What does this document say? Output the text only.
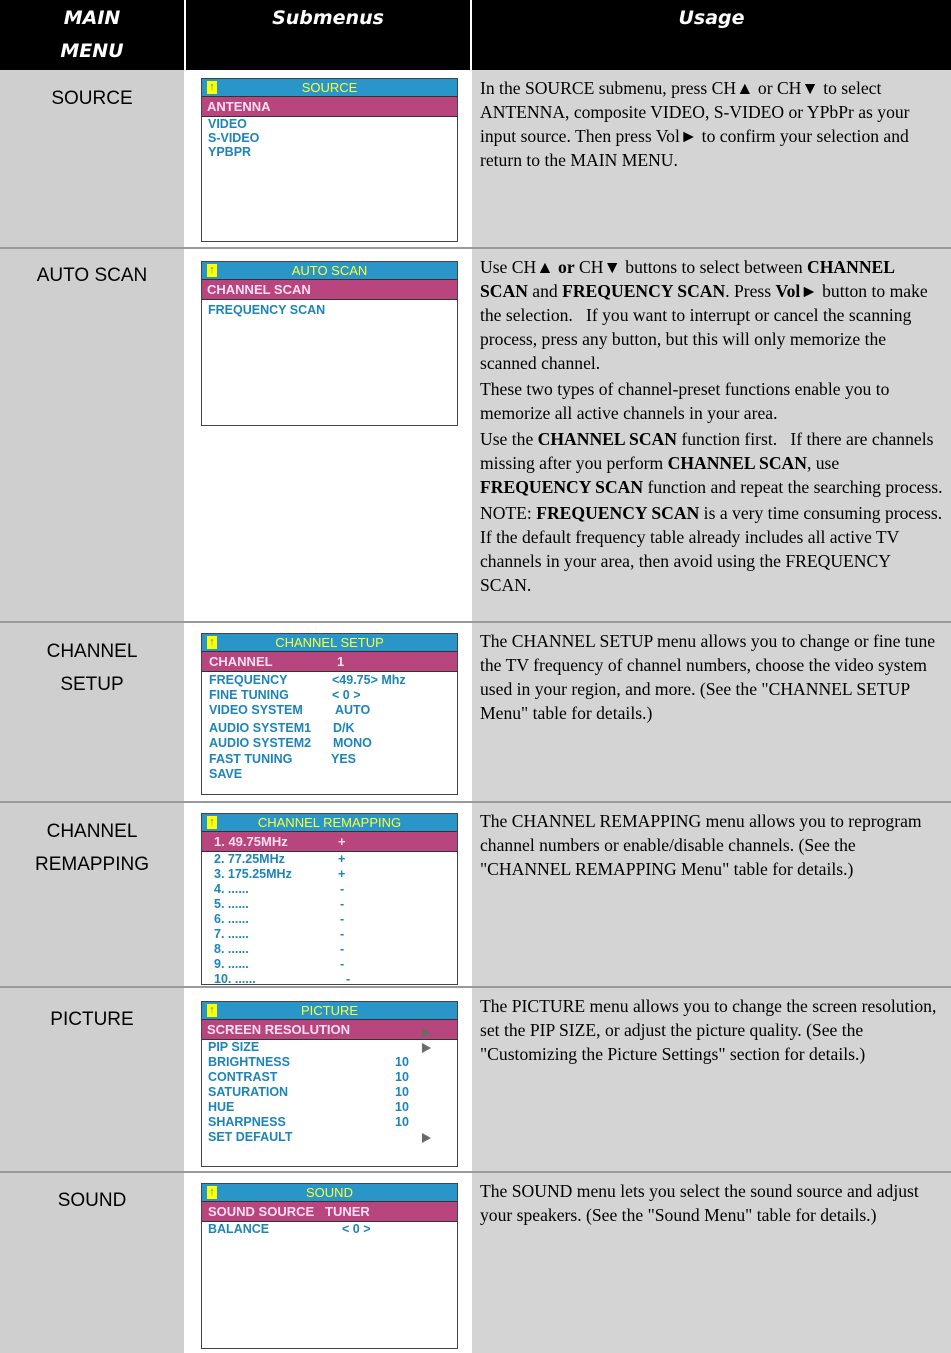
MAIN
MENU
Submenus	Usage
SOURCE
↑	SOURCE
ANTENNA
VIDEO
S-VIDEO
YPBPR

In the SOURCE submenu, press CH▲ or CH▼ to select ANTENNA, composite VIDEO, S-VIDEO or YPbPr as your input source. Then press Vol► to confirm your selection and return to the MAIN MENU.

AUTO SCAN	↑	AUTO SCAN
CHANNEL SCAN
FREQUENCY SCAN

Use CH▲ or CH▼ buttons to select between CHANNEL SCAN and FREQUENCY SCAN. Press Vol► button to make the selection.   If you want to interrupt or cancel the scanning process, press any button, but this will only memorize the scanned channel.

These two types of channel-preset functions enable you to memorize all active channels in your area.

Use the CHANNEL SCAN function first.   If there are channels missing after you perform CHANNEL SCAN, use FREQUENCY SCAN function and repeat the searching process.

NOTE: FREQUENCY SCAN is a very time consuming process. If the default frequency table already includes all active TV channels in your area, then avoid using the FREQUENCY SCAN.

CHANNEL
SETUP
↑	CHANNEL SETUP
CHANNEL	1
FREQUENCY	<49.75> Mhz
FINE TUNING	< 0 >
VIDEO SYSTEM	AUTO
AUDIO SYSTEM1 D/K
AUDIO SYSTEM2 MONO
FAST TUNING	YES
SAVE

The CHANNEL SETUP menu allows you to change or fine tune the TV frequency of channel numbers, choose the video system used in your region, and more. (See the "CHANNEL SETUP Menu" table for details.)

CHANNEL
REMAPPING
↑	CHANNEL REMAPPING
1. 49.75MHz	+
2. 77.25MHz	+
3. 175.25MHz	+
4. ......	-
5. ......	-
6. ......	-
7. ......	-
8. ......	-
9. ......	-
10. ......	-

The CHANNEL REMAPPING menu allows you to reprogram channel numbers or enable/disable channels. (See the "CHANNEL REMAPPING Menu" table for details.)

PICTURE	↑	PICTURE
SCREEN RESOLUTION
PIP SIZE
BRIGHTNESS	10
CONTRAST	10
SATURATION	10
HUE	10
SHARPNESS	10
SET DEFAULT

The PICTURE menu allows you to change the screen resolution, set the PIP SIZE, or adjust the picture quality. (See the "Customizing the Picture Settings" section for details.)

SOUND	↑	SOUND
SOUND SOURCE   TUNER
BALANCE	< 0 >

The SOUND menu lets you select the sound source and adjust your speakers. (See the "Sound Menu" table for details.)
